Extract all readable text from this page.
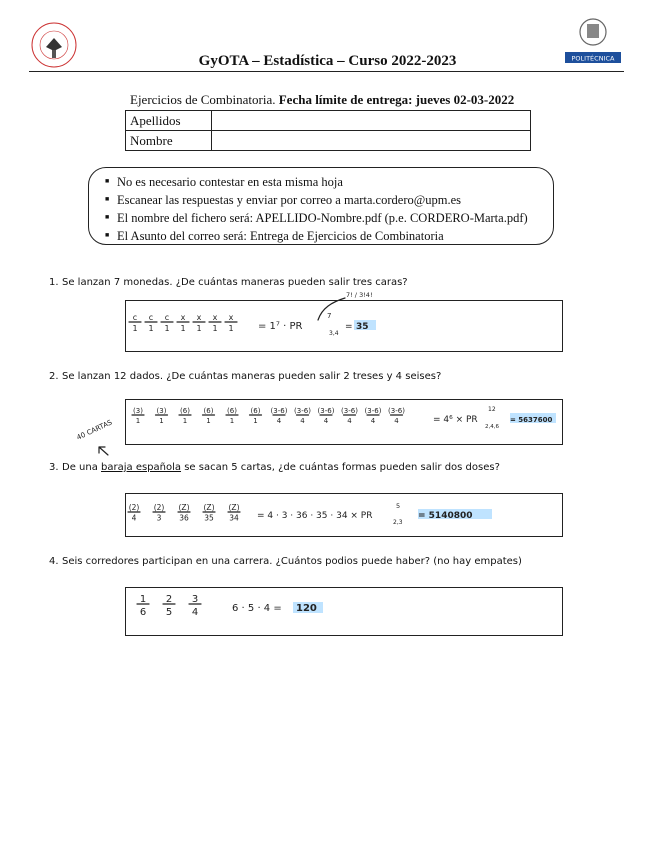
POLITÉCNICA
GyOTA – Estadística – Curso 2022-2023
Ejercicios de Combinatoria. Fecha límite de entrega: jueves 02-03-2022
Apellidos	
Nombre	
■ No es necesario contestar en esta misma hoja
■ Escanear las respuestas y enviar por correo a marta.cordero@upm.es
■ El nombre del fichero será: APELLIDO-Nombre.pdf (p.e. CORDERO-Marta.pdf)
■ El Asunto del correo será: Entrega de Ejercicios de Combinatoria
1. Se lanzan 7 monedas. ¿De cuántas maneras pueden salir tres caras?
2. Se lanzan 12 dados. ¿De cuántas maneras pueden salir 2 treses y 4 seises?
3. De una baraja española se sacan 5 cartas, ¿de cuántas formas pueden salir dos doses?
4. Seis corredores participan en una carrera. ¿Cuántos podios puede haber? (no hay empates)
c
1
c
1
c
1
x
1
x
1
x
1
x
1 = 1⁷ · PR
7
3,4
7! / 3!4!
= 35
(3)
1
(3)
1
(6)
1
(6)
1
(6)
1
(6)
1
(3-6)
4
(3-6)
4
(3-6)
4
(3-6)
4
(3-6)
4
(3-6)
4	= 4⁶ × PR
12
2,4,6
= 5637600
40 CARTAS
(2)
4
(2)
3
(Z)
36
(Z)
35
(Z)
34 = 4 · 3 · 36 · 35 · 34 × PR
5
2,3
= 5140800
1
6
2
5
3
4	6 · 5 · 4 = 120
